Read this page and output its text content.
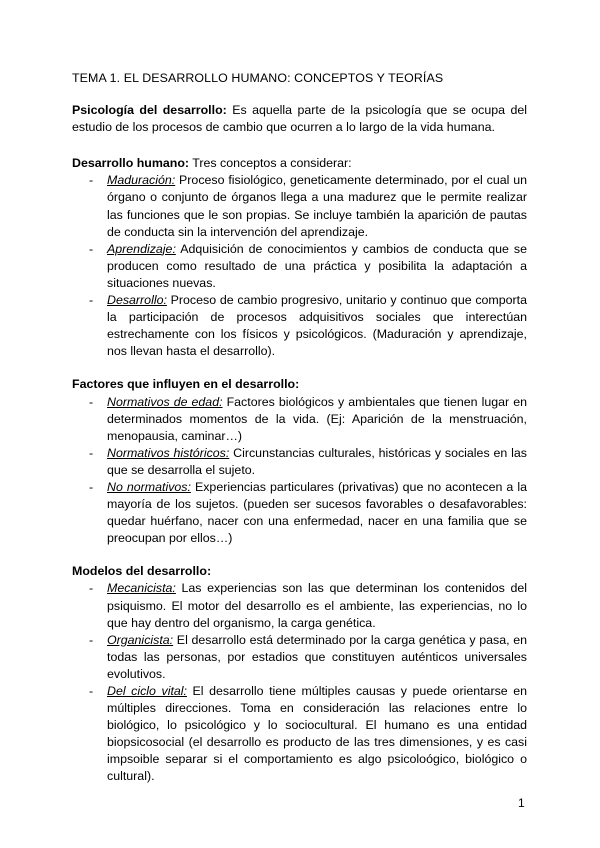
TEMA 1. EL DESARROLLO HUMANO: CONCEPTOS Y TEORÍAS

Psicología del desarrollo: Es aquella parte de la psicología que se ocupa del estudio de los procesos de cambio que ocurren a lo largo de la vida humana.

Desarrollo humano: Tres conceptos a considerar:

- Maduración: Proceso fisiológico, geneticamente determinado, por el cual un órgano o conjunto de órganos llega a una madurez que le permite realizar las funciones que le son propias. Se incluye también la aparición de pautas de conducta sin la intervención del aprendizaje.
- Aprendizaje: Adquisición de conocimientos y cambios de conducta que se producen como resultado de una práctica y posibilita la adaptación a situaciones nuevas.
- Desarrollo: Proceso de cambio progresivo, unitario y continuo que comporta la participación de procesos adquisitivos sociales que interectúan estrechamente con los físicos y psicológicos. (Maduración y aprendizaje, nos llevan hasta el desarrollo).

Factores que influyen en el desarrollo:

- Normativos de edad: Factores biológicos y ambientales que tienen lugar en determinados momentos de la vida. (Ej: Aparición de la menstruación, menopausia, caminar…)
- Normativos históricos: Circunstancias culturales, históricas y sociales en las que se desarrolla el sujeto.
- No normativos: Experiencias particulares (privativas) que no acontecen a la mayoría de los sujetos. (pueden ser sucesos favorables o desafavorables: quedar huérfano, nacer con una enfermedad, nacer en una familia que se preocupan por ellos…)

Modelos del desarrollo:

- Mecanicista: Las experiencias son las que determinan los contenidos del psiquismo. El motor del desarrollo es el ambiente, las experiencias, no lo que hay dentro del organismo, la carga genética.
- Organicista: El desarrollo está determinado por la carga genética y pasa, en todas las personas, por estadios que constituyen auténticos universales evolutivos.
- Del ciclo vital: El desarrollo tiene múltiples causas y puede orientarse en múltiples direcciones. Toma en consideración las relaciones entre lo biológico, lo psicológico y lo sociocultural. El humano es una entidad biopsicosocial (el desarrollo es producto de las tres dimensiones, y es casi impsoible separar si el comportamiento es algo psicoloógico, biológico o cultural).
1
